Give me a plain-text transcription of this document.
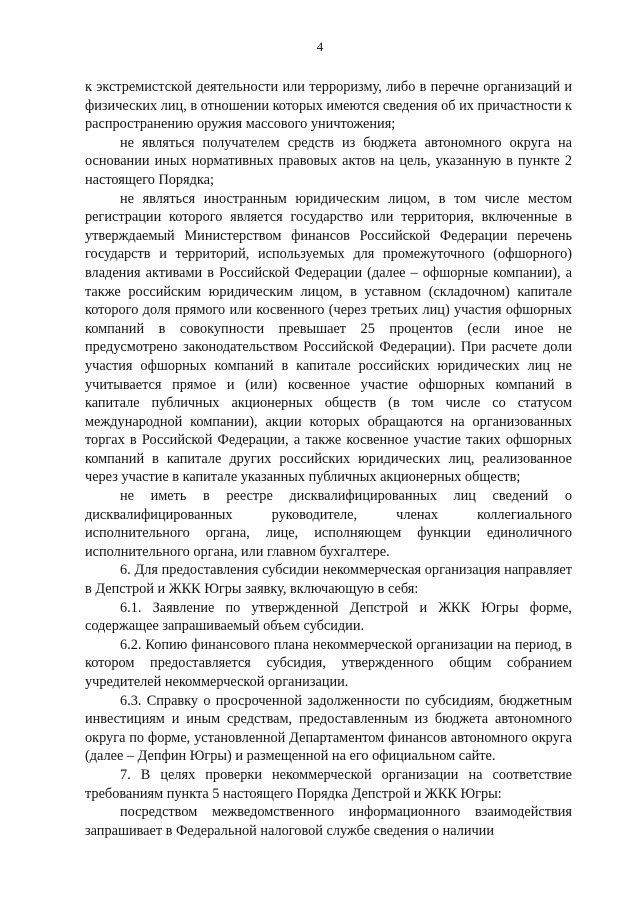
4

к экстремистской деятельности или терроризму, либо в перечне организаций и физических лиц, в отношении которых имеются сведения об их причастности к распространению оружия массового уничтожения;

не являться получателем средств из бюджета автономного округа на основании иных нормативных правовых актов на цель, указанную в пункте 2 настоящего Порядка;

не являться иностранным юридическим лицом, в том числе местом регистрации которого является государство или территория, включенные в утверждаемый Министерством финансов Российской Федерации перечень государств и территорий, используемых для промежуточного (офшорного) владения активами в Российской Федерации (далее – офшорные компании), а также российским юридическим лицом, в уставном (складочном) капитале которого доля прямого или косвенного (через третьих лиц) участия офшорных компаний в совокупности превышает 25 процентов (если иное не предусмотрено законодательством Российской Федерации). При расчете доли участия офшорных компаний в капитале российских юридических лиц не учитывается прямое и (или) косвенное участие офшорных компаний в капитале публичных акционерных обществ (в том числе со статусом международной компании), акции которых обращаются на организованных торгах в Российской Федерации, а также косвенное участие таких офшорных компаний в капитале других российских юридических лиц, реализованное через участие в капитале указанных публичных акционерных обществ;

не иметь в реестре дисквалифицированных лиц сведений о дисквалифицированных руководителе, членах коллегиального исполнительного органа, лице, исполняющем функции единоличного исполнительного органа, или главном бухгалтере.

6. Для предоставления субсидии некоммерческая организация направляет в Депстрой и ЖКК Югры заявку, включающую в себя:

6.1. Заявление по утвержденной Депстрой и ЖКК Югры форме, содержащее запрашиваемый объем субсидии.

6.2. Копию финансового плана некоммерческой организации на период, в котором предоставляется субсидия, утвержденного общим собранием учредителей некоммерческой организации.

6.3. Справку о просроченной задолженности по субсидиям, бюджетным инвестициям и иным средствам, предоставленным из бюджета автономного округа по форме, установленной Департаментом финансов автономного округа (далее – Депфин Югры) и размещенной на его официальном сайте.

7. В целях проверки некоммерческой организации на соответствие требованиям пункта 5 настоящего Порядка Депстрой и ЖКК Югры:

посредством межведомственного информационного взаимодействия запрашивает в Федеральной налоговой службе сведения о наличии
